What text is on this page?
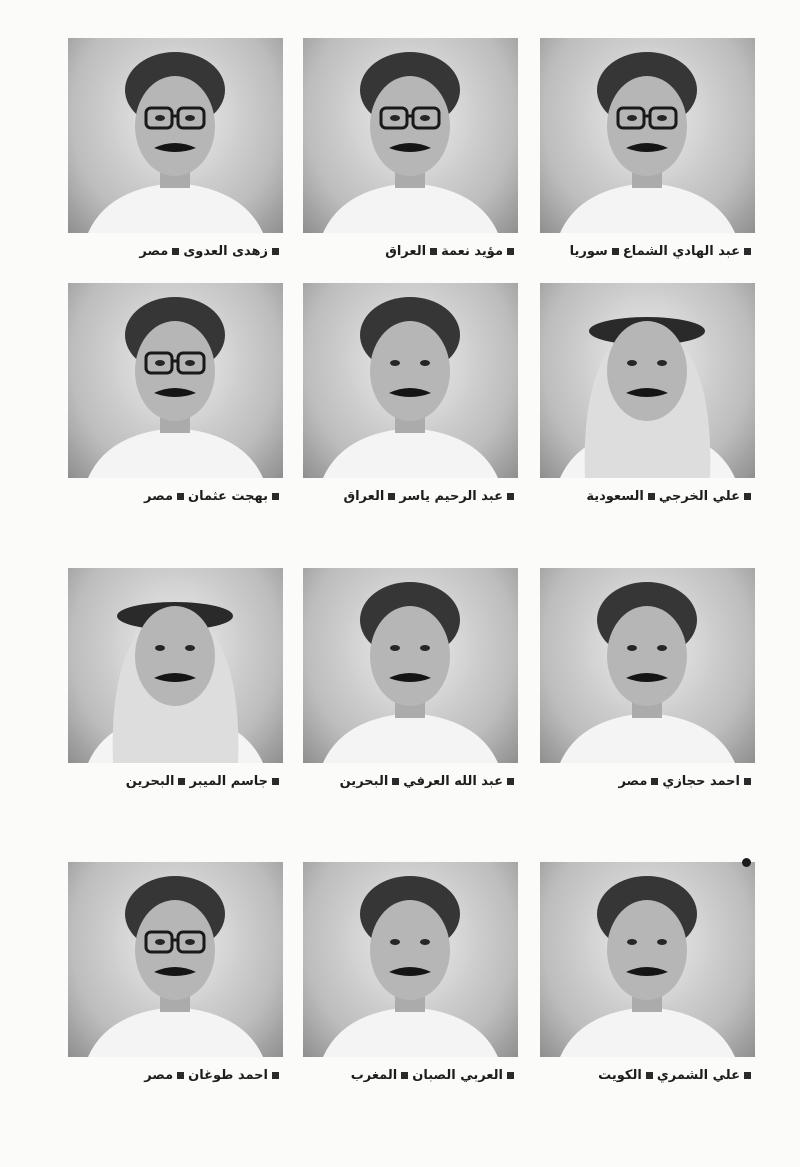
عبد الهادي الشماعسوريا
مؤيد نعمةالعراق
زهدى العدوىمصر
علي الخرجيالسعودية
عبد الرحيم ياسرالعراق
بهجت عثمانمصر
احمد حجازيمصر
عبد الله العرفيالبحرين
جاسم الميبرالبحرين
علي الشمريالكويت
العربي الصبانالمغرب
احمد طوغانمصر
